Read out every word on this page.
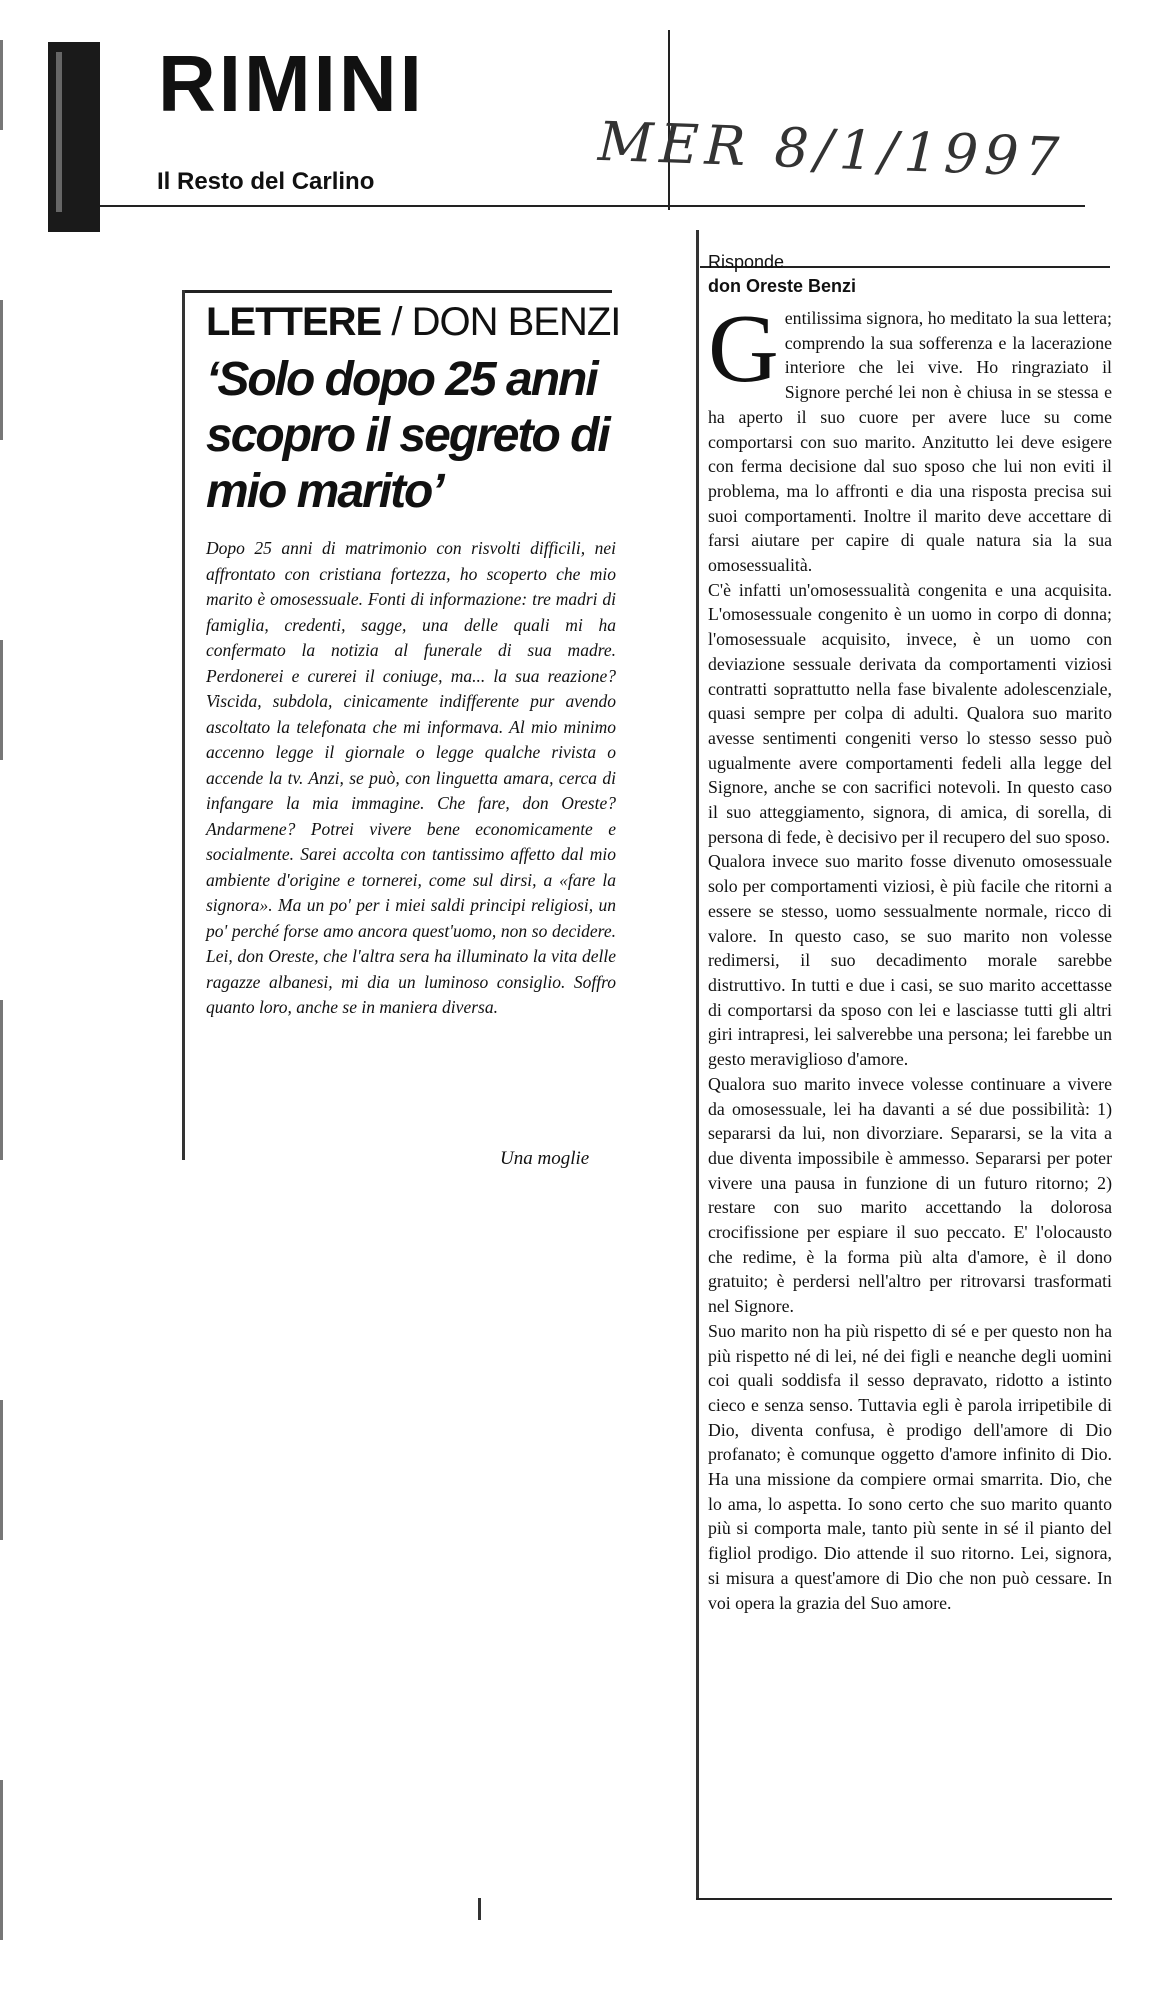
RIMINI
Il Resto del Carlino	MER 8/1/1997
LETTERE / DON BENZI
‘Solo dopo 25 anni scopro il segreto di mio marito’
Dopo 25 anni di matrimonio con risvolti difficili, nei affrontato con cristiana fortezza, ho scoperto che mio marito è omosessuale. Fonti di informazione: tre madri di famiglia, credenti, sagge, una delle quali mi ha confermato la notizia al funerale di sua madre. Perdonerei e curerei il coniuge, ma... la sua reazione? Viscida, subdola, cinicamente indifferente pur avendo ascoltato la telefonata che mi informava. Al mio minimo accenno legge il giornale o legge qualche rivista o accende la tv. Anzi, se può, con linguetta amara, cerca di infangare la mia immagine. Che fare, don Oreste? Andarmene? Potrei vivere bene economicamente e socialmente. Sarei accolta con tantissimo affetto dal mio ambiente d'origine e tornerei, come sul dirsi, a «fare la signora». Ma un po' per i miei saldi principi religiosi, un po' perché forse amo ancora quest'uomo, non so decidere. Lei, don Oreste, che l'altra sera ha illuminato la vita delle ragazze albanesi, mi dia un luminoso consiglio. Soffro quanto loro, anche se in maniera diversa.
Una moglie
Risponde
don Oreste Benzi

Gentilissima signora, ho meditato la sua lettera; comprendo la sua sofferenza e la lacerazione interiore che lei vive. Ho ringraziato il Signore perché lei non è chiusa in se stessa e ha aperto il suo cuore per avere luce su come comportarsi con suo marito. Anzitutto lei deve esigere con ferma decisione dal suo sposo che lui non eviti il problema, ma lo affronti e dia una risposta precisa sui suoi comportamenti. Inoltre il marito deve accettare di farsi aiutare per capire di quale natura sia la sua omosessualità.

C'è infatti un'omosessualità congenita e una acquisita. L'omosessuale congenito è un uomo in corpo di donna; l'omosessuale acquisito, invece, è un uomo con deviazione sessuale derivata da comportamenti viziosi contratti soprattutto nella fase bivalente adolescenziale, quasi sempre per colpa di adulti. Qualora suo marito avesse sentimenti congeniti verso lo stesso sesso può ugualmente avere comportamenti fedeli alla legge del Signore, anche se con sacrifici notevoli. In questo caso il suo atteggiamento, signora, di amica, di sorella, di persona di fede, è decisivo per il recupero del suo sposo.

Qualora invece suo marito fosse divenuto omosessuale solo per comportamenti viziosi, è più facile che ritorni a essere se stesso, uomo sessualmente normale, ricco di valore. In questo caso, se suo marito non volesse redimersi, il suo decadimento morale sarebbe distruttivo. In tutti e due i casi, se suo marito accettasse di comportarsi da sposo con lei e lasciasse tutti gli altri giri intrapresi, lei salverebbe una persona; lei farebbe un gesto meraviglioso d'amore.

Qualora suo marito invece volesse continuare a vivere da omosessuale, lei ha davanti a sé due possibilità: 1) separarsi da lui, non divorziare. Separarsi, se la vita a due diventa impossibile è ammesso. Separarsi per poter vivere una pausa in funzione di un futuro ritorno; 2) restare con suo marito accettando la dolorosa crocifissione per espiare il suo peccato. E' l'olocausto che redime, è la forma più alta d'amore, è il dono gratuito; è perdersi nell'altro per ritrovarsi trasformati nel Signore.

Suo marito non ha più rispetto di sé e per questo non ha più rispetto né di lei, né dei figli e neanche degli uomini coi quali soddisfa il sesso depravato, ridotto a istinto cieco e senza senso. Tuttavia egli è parola irripetibile di Dio, diventa confusa, è prodigo dell'amore di Dio profanato; è comunque oggetto d'amore infinito di Dio. Ha una missione da compiere ormai smarrita. Dio, che lo ama, lo aspetta. Io sono certo che suo marito quanto più si comporta male, tanto più sente in sé il pianto del figliol prodigo. Dio attende il suo ritorno. Lei, signora, si misura a quest'amore di Dio che non può cessare. In voi opera la grazia del Suo amore.
